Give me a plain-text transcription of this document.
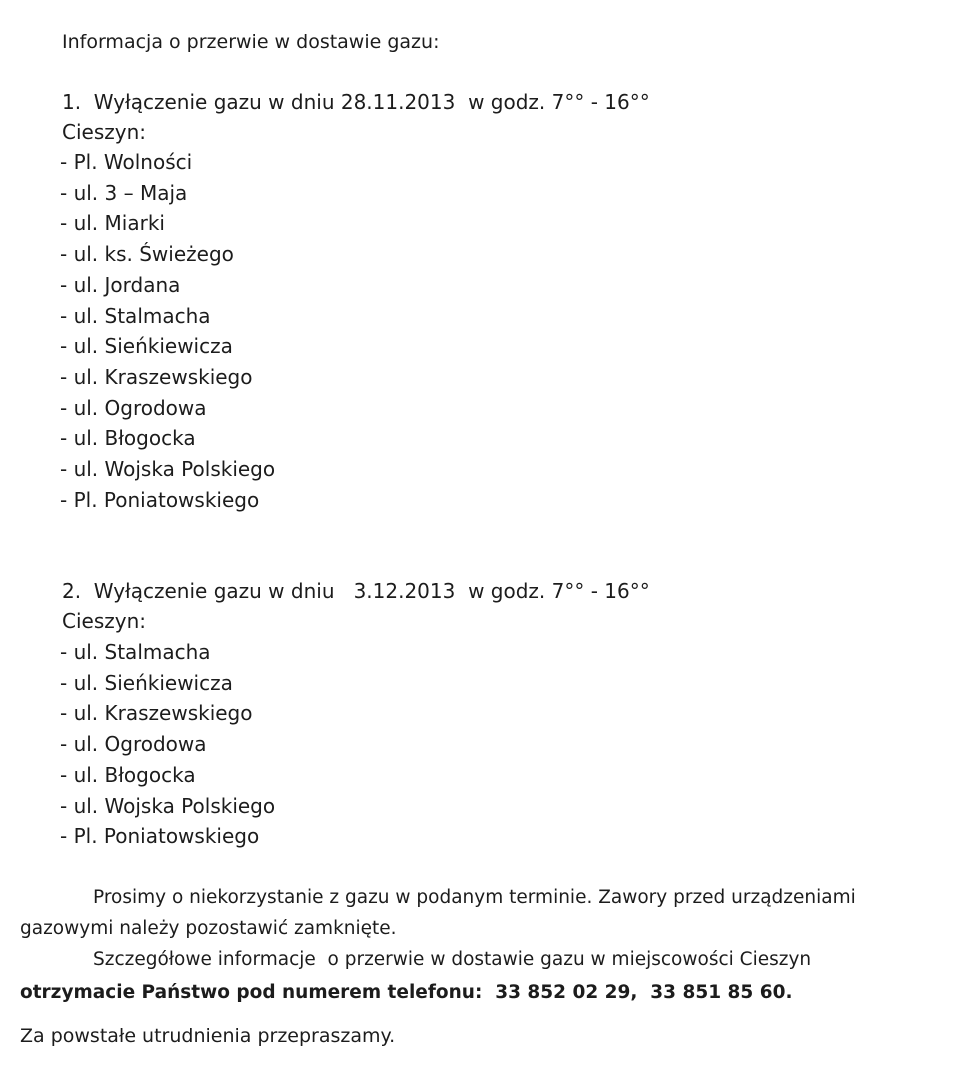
Informacja o przerwie w dostawie gazu:

1.  Wyłączenie gazu w dniu 28.11.2013  w godz. 7°° - 16°°

Cieszyn:

- Pl. Wolności
- ul. 3 – Maja
- ul. Miarki
- ul. ks. Świeżego
- ul. Jordana
- ul. Stalmacha
- ul. Sieńkiewicza
- ul. Kraszewskiego
- ul. Ogrodowa
- ul. Błogocka
- ul. Wojska Polskiego
- Pl. Poniatowskiego

2.  Wyłączenie gazu w dniu   3.12.2013  w godz. 7°° - 16°°

Cieszyn:

- ul. Stalmacha
- ul. Sieńkiewicza
- ul. Kraszewskiego
- ul. Ogrodowa
- ul. Błogocka
- ul. Wojska Polskiego
- Pl. Poniatowskiego

Prosimy o niekorzystanie z gazu w podanym terminie. Zawory przed urządzeniami

gazowymi należy pozostawić zamknięte.

Szczegółowe informacje  o przerwie w dostawie gazu w miejscowości Cieszyn

otrzymacie Państwo pod numerem telefonu:  33 852 02 29,  33 851 85 60.

Za powstałe utrudnienia przepraszamy.
